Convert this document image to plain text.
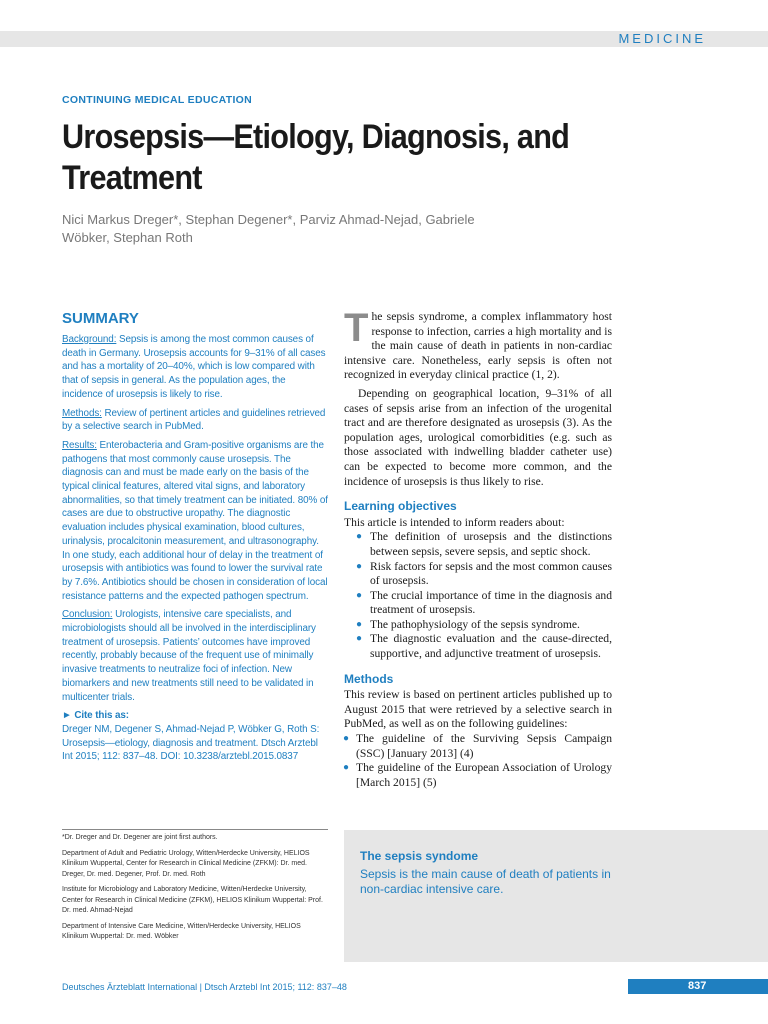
MEDICINE
CONTINUING MEDICAL EDUCATION
Urosepsis—Etiology, Diagnosis, and Treatment
Nici Markus Dreger*, Stephan Degener*, Parviz Ahmad-Nejad, Gabriele Wöbker, Stephan Roth
SUMMARY

Background: Sepsis is among the most common causes of death in Germany. Urosepsis accounts for 9–31% of all cases and has a mortality of 20–40%, which is low compared with that of sepsis in general. As the population ages, the incidence of urosepsis is likely to rise.

Methods: Review of pertinent articles and guidelines retrieved by a selective search in PubMed.

Results: Enterobacteria and Gram-positive organisms are the pathogens that most commonly cause urosepsis. The diagnosis can and must be made early on the basis of the typical clinical features, altered vital signs, and laboratory abnormalities, so that timely treatment can be initiated. 80% of cases are due to obstructive uropathy. The diagnostic evaluation includes physical examination, blood cultures, urinalysis, procalcitonin measurement, and ultrasonography. In one study, each additional hour of delay in the treatment of urosepsis with antibiotics was found to lower the survival rate by 7.6%. Antibiotics should be chosen in consideration of local resistance patterns and the expected pathogen spectrum.

Conclusion: Urologists, intensive care specialists, and microbiologists should all be involved in the interdisciplinary treatment of urosepsis. Patients’ outcomes have improved recently, probably because of the frequent use of minimally invasive treatments to neutralize foci of infection. New biomarkers and new treatments still need to be validated in multicenter trials.

► Cite this as:
Dreger NM, Degener S, Ahmad-Nejad P, Wöbker G, Roth S: Urosepsis—etiology, diagnosis and treatment. Dtsch Arztebl Int 2015; 112: 837–48. DOI: 10.3238/arztebl.2015.0837

*Dr. Dreger and Dr. Degener are joint first authors.

Department of Adult and Pediatric Urology, Witten/Herdecke University, HELIOS Klinikum Wuppertal, Center for Research in Clinical Medicine (ZFKM): Dr. med. Dreger, Dr. med. Degener, Prof. Dr. med. Roth

Institute for Microbiology and Laboratory Medicine, Witten/Herdecke University, Center for Research in Clinical Medicine (ZFKM), HELIOS Klinikum Wuppertal: Prof. Dr. med. Ahmad-Nejad

Department of Intensive Care Medicine, Witten/Herdecke University, HELIOS Klinikum Wuppertal: Dr. med. Wöbker

The sepsis syndrome, a complex inflammatory host response to infection, carries a high mortality and is the main cause of death in patients in non-cardiac intensive care. Nonetheless, early sepsis is often not recognized in everyday clinical practice (1, 2).

Depending on geographical location, 9–31% of all cases of sepsis arise from an infection of the urogenital tract and are therefore designated as urosepsis (3). As the population ages, urological comorbidities (e.g. such as those associated with indwelling bladder catheter use) can be expected to become more common, and the incidence of urosepsis is thus likely to rise.

Learning objectives

This article is intended to inform readers about:

● The definition of urosepsis and the distinctions between sepsis, severe sepsis, and septic shock.
● Risk factors for sepsis and the most common causes of urosepsis.
● The crucial importance of time in the diagnosis and treatment of urosepsis.
● The pathophysiology of the sepsis syndrome.
● The diagnostic evaluation and the cause-directed, supportive, and adjunctive treatment of urosepsis.
Methods

This review is based on pertinent articles published up to August 2015 that were retrieved by a selective search in PubMed, as well as on the following guidelines:

● The guideline of the Surviving Sepsis Campaign (SSC) [January 2013] (4)
● The guideline of the European Association of Urology [March 2015] (5)
The sepsis syndome
Sepsis is the main cause of death of patients in non-cardiac intensive care.
Deutsches Ärzteblatt International | Dtsch Arztebl Int 2015; 112: 837–48	837
